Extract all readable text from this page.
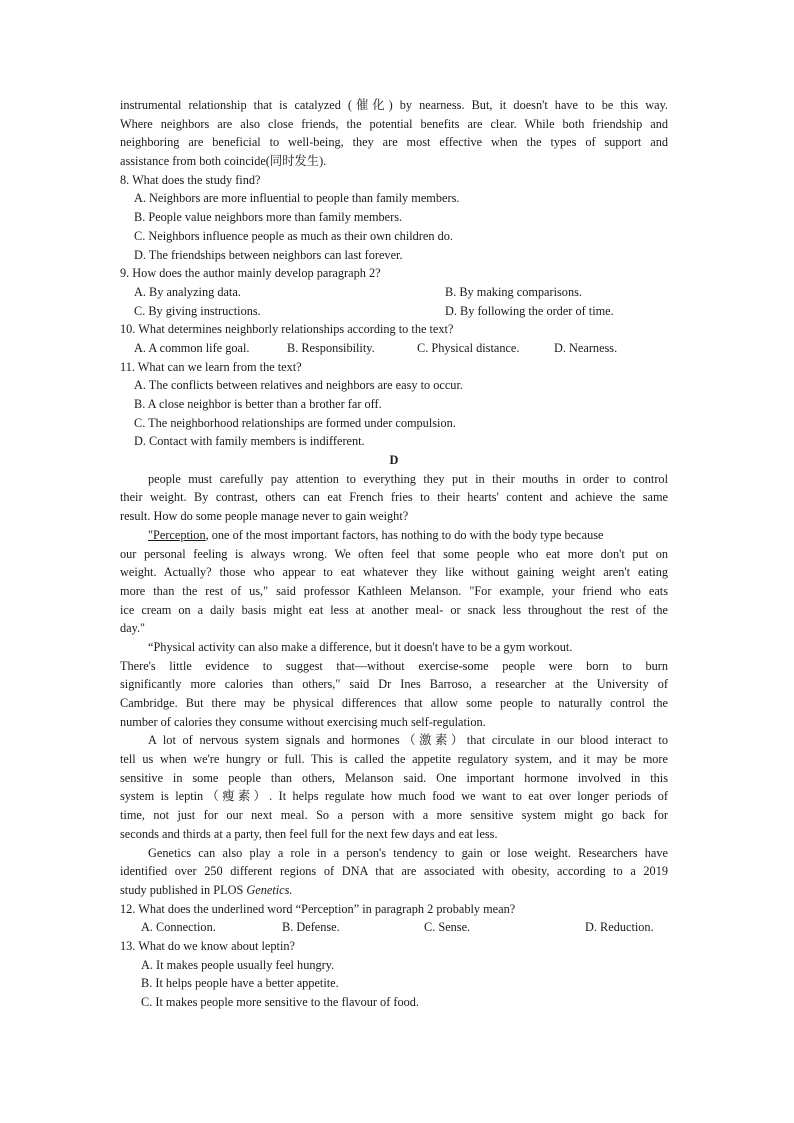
instrumental relationship that is catalyzed (催化) by nearness. But, it doesn't have to be this way.
Where neighbors are also close friends, the potential benefits are clear. While both friendship and
neighboring are beneficial to well-being, they are most effective when the types of support and
assistance from both coincide(同时发生).
8. What does the study find?
A. Neighbors are more influential to people than family members.
B. People value neighbors more than family members.
C. Neighbors influence people as much as their own children do.
D. The friendships between neighbors can last forever.
9. How does the author mainly develop paragraph 2?
A. By analyzing data.	B. By making comparisons.
C. By giving instructions.	D. By following the order of time.
10. What determines neighborly relationships according to the text?
A. A common life goal.	B. Responsibility.	C. Physical distance.	D. Nearness.
11. What can we learn from the text?
A. The conflicts between relatives and neighbors are easy to occur.
B. A close neighbor is better than a brother far off.
C. The neighborhood relationships are formed under compulsion.
D. Contact with family members is indifferent.
D
people must carefully pay attention to everything they put in their mouths in order to control
their weight. By contrast, others can eat French fries to their hearts' content and achieve the same
result. How do some people manage never to gain weight?
"Perception, one of the most important factors, has nothing to do with the body type because
our personal feeling is always wrong. We often feel that some people who eat more don't put on
weight. Actually? those who appear to eat whatever they like without gaining weight aren't eating
more than the rest of us," said professor Kathleen Melanson. "For example, your friend who eats
ice cream on a daily basis might eat less at another meal- or snack less throughout the rest of the
day."
“Physical activity can also make a difference, but it doesn't have to be a gym workout.
There's little evidence to suggest that—without exercise-some people were born to burn
significantly more calories than others," said Dr Ines Barroso, a researcher at the University of
Cambridge. But there may be physical differences that allow some people to naturally control the
number of calories they consume without exercising much self-regulation.
A lot of nervous system signals and hormones（激素）that circulate in our blood interact to
tell us when we're hungry or full. This is called the appetite regulatory system, and it may be more
sensitive in some people than others, Melanson said. One important hormone involved in this
system is leptin（瘦素）. It helps regulate how much food we want to eat over longer periods of
time, not just for our next meal. So a person with a more sensitive system might go back for
seconds and thirds at a party, then feel full for the next few days and eat less.
Genetics can also play a role in a person's tendency to gain or lose weight. Researchers have
identified over 250 different regions of DNA that are associated with obesity, according to a 2019
study published in PLOS Genetics.
12. What does the underlined word “Perception” in paragraph 2 probably mean?
A. Connection.	B. Defense.	C. Sense.	D. Reduction.
13. What do we know about leptin?
A. It makes people usually feel hungry.
B. It helps people have a better appetite.
C. It makes people more sensitive to the flavour of food.
